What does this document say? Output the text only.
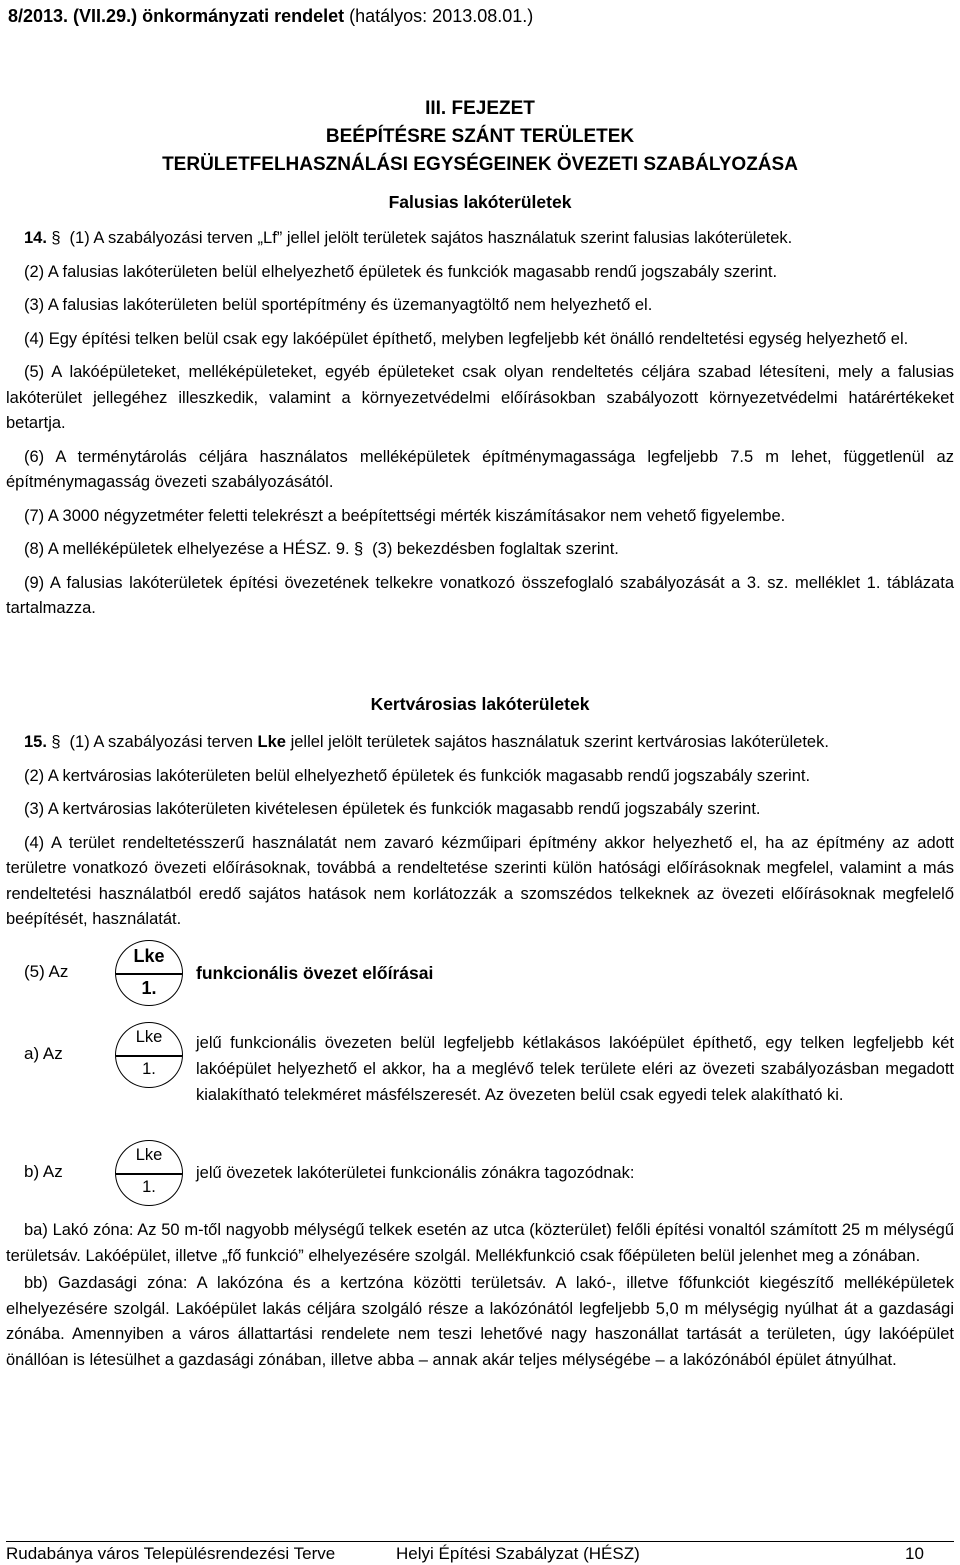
8/2013. (VII.29.) önkormányzati rendelet (hatályos: 2013.08.01.)
III. FEJEZET
BEÉPÍTÉSRE SZÁNT TERÜLETEK
TERÜLETFELHASZNÁLÁSI EGYSÉGEINEK ÖVEZETI SZABÁLYOZÁSA
Falusias lakóterületek
14. § (1) A szabályozási terven „Lf” jellel jelölt területek sajátos használatuk szerint falusias lakóterületek.
(2) A falusias lakóterületen belül elhelyezhető épületek és funkciók magasabb rendű jogszabály szerint.
(3) A falusias lakóterületen belül sportépítmény és üzemanyagtöltő nem helyezhető el.
(4) Egy építési telken belül csak egy lakóépület építhető, melyben legfeljebb két önálló rendeltetési egység helyezhető el.
(5) A lakóépületeket, melléképületeket, egyéb épületeket csak olyan rendeltetés céljára szabad létesíteni, mely a falusias lakóterület jellegéhez illeszkedik, valamint a környezetvédelmi előírásokban szabályozott környezetvédelmi határértékeket betartja.
(6) A terménytárolás céljára használatos melléképületek építménymagassága legfeljebb 7.5 m lehet, függetlenül az építménymagasság övezeti szabályozásától.
(7) A 3000 négyzetméter feletti telekrészt a beépítettségi mérték kiszámításakor nem vehető figyelembe.
(8) A melléképületek elhelyezése a HÉSZ. 9. § (3) bekezdésben foglaltak szerint.
(9) A falusias lakóterületek építési övezetének telkekre vonatkozó összefoglaló szabályozását a 3. sz. melléklet 1. táblázata tartalmazza.
Kertvárosias lakóterületek
15. § (1) A szabályozási terven Lke jellel jelölt területek sajátos használatuk szerint kertvárosias lakóterületek.
(2) A kertvárosias lakóterületen belül elhelyezhető épületek és funkciók magasabb rendű jogszabály szerint.
(3) A kertvárosias lakóterületen kivételesen épületek és funkciók magasabb rendű jogszabály szerint.
(4) A terület rendeltetésszerű használatát nem zavaró kézműipari építmény akkor helyezhető el, ha az építmény az adott területre vonatkozó övezeti előírásoknak, továbbá a rendeltetése szerinti külön hatósági előírásoknak megfelel, valamint a más rendeltetési használatból eredő sajátos hatások nem korlátozzák a szomszédos telkeknek az övezeti előírásoknak megfelelő beépítését, használatát.
(5) Az
Lke
1.
funkcionális övezet előírásai
a) Az
Lke
1.
jelű funkcionális övezeten belül legfeljebb kétlakásos lakóépület építhető, egy telken legfeljebb két lakóépület helyezhető el akkor, ha a meglévő telek területe eléri az övezeti szabályozásban megadott kialakítható telekméret másfélszeresét. Az övezeten belül csak egyedi telek alakítható ki.
b) Az
Lke
1.
jelű övezetek lakóterületei funkcionális zónákra tagozódnak:
ba) Lakó zóna: Az 50 m-től nagyobb mélységű telkek esetén az utca (közterület) felőli építési vonaltól számított 25 m mélységű területsáv. Lakóépület, illetve „fő funkció” elhelyezésére szolgál. Mellékfunkció csak főépületen belül jelenhet meg a zónában.
bb) Gazdasági zóna: A lakózóna és a kertzóna közötti területsáv. A lakó-, illetve főfunkciót kiegészítő melléképületek elhelyezésére szolgál. Lakóépület lakás céljára szolgáló része a lakózónától legfeljebb 5,0 m mélységig nyúlhat át a gazdasági zónába. Amennyiben a város állattartási rendelete nem teszi lehetővé nagy haszonállat tartását a területen, úgy lakóépület önállóan is létesülhet a gazdasági zónában, illetve abba – annak akár teljes mélységébe – a lakózónából épület átnyúlhat.
Rudabánya város Településrendezési Terve	Helyi Építési Szabályzat (HÉSZ)	10
